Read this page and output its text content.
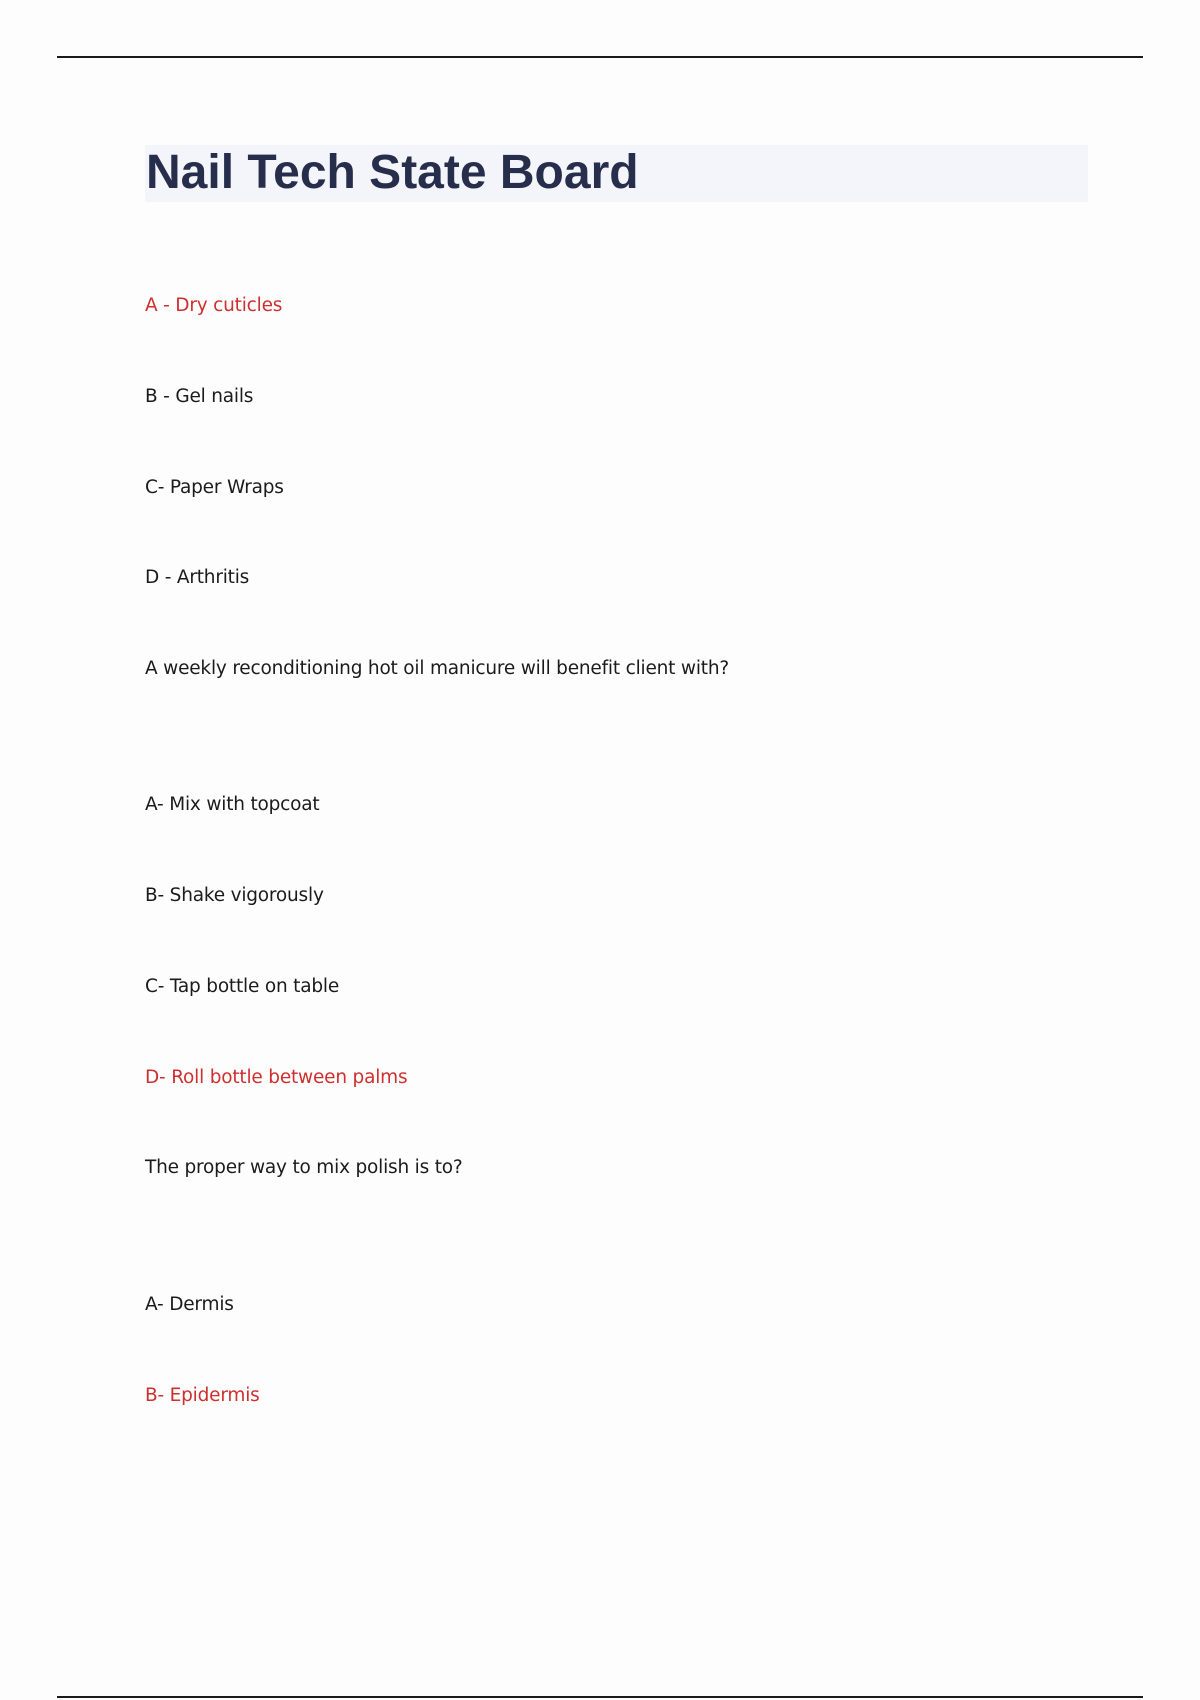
Nail Tech State Board
A - Dry cuticles
B - Gel nails
C- Paper Wraps
D - Arthritis
A weekly reconditioning hot oil manicure will benefit client with?
A- Mix with topcoat
B- Shake vigorously
C- Tap bottle on table
D- Roll bottle between palms
The proper way to mix polish is to?
A- Dermis
B- Epidermis
